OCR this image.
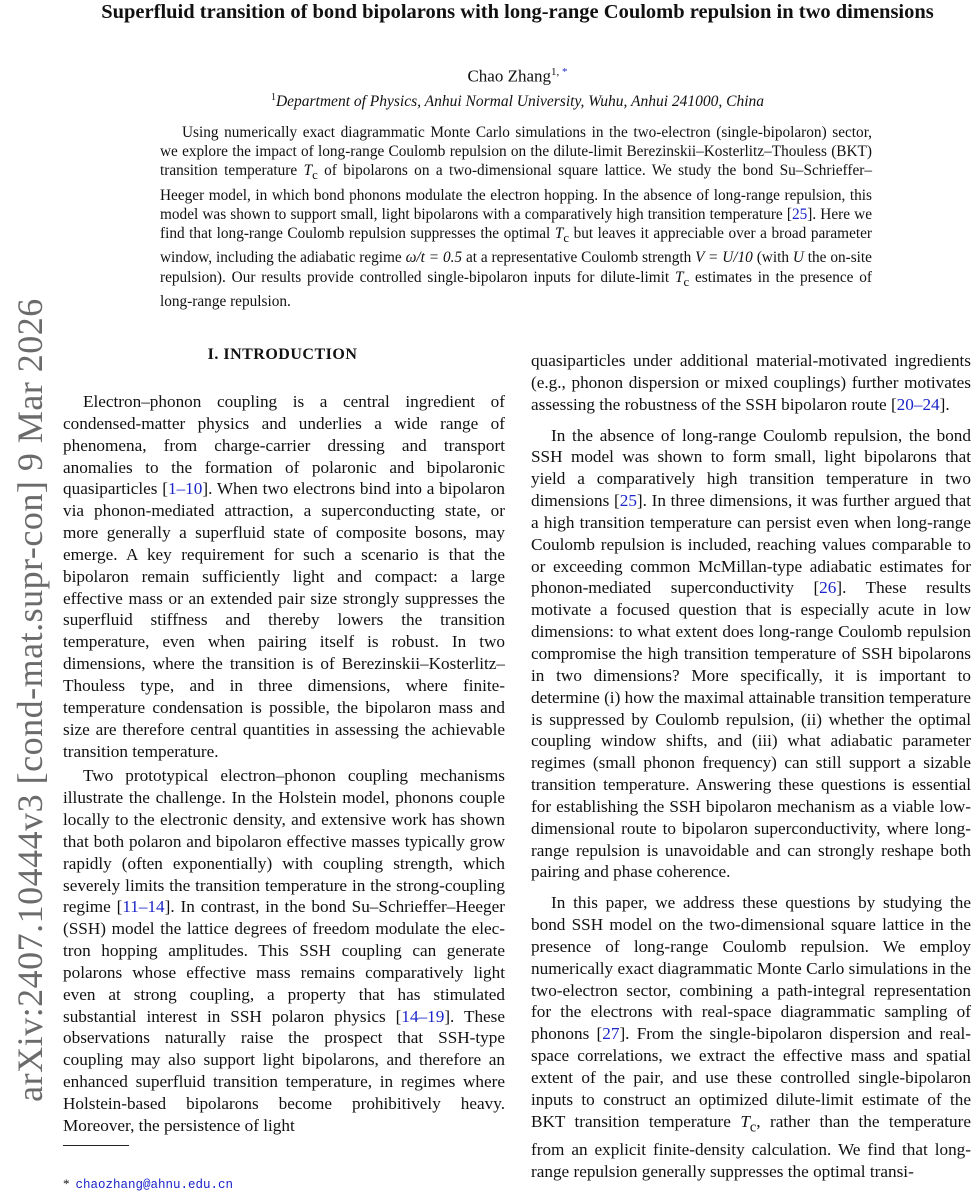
arXiv:2407.10444v3 [cond-mat.supr-con] 9 Mar 2026
Superfluid transition of bond bipolarons with long-range Coulomb repulsion in two dimensions
Chao Zhang$^{1, *}$
$^1$Department of Physics, Anhui Normal University, Wuhu, Anhui 241000, China

Using numerically exact diagrammatic Monte Carlo simulations in the two-electron (single-bipolaron) sector, we explore the impact of long-range Coulomb repulsion on the dilute-limit Berezinskii–Kosterlitz–Thouless (BKT) transition temperature $T_c$ of bipolarons on a two-dimensional square lattice. We study the bond Su–Schrieffer–Heeger model, in which bond phonons modulate the electron hopping. In the absence of long-range repulsion, this model was shown to support small, light bipolarons with a comparatively high transition temperature [25]. Here we find that long-range Coulomb repulsion suppresses the optimal $T_c$ but leaves it appreciable over a broad parameter window, including the adiabatic regime ω/t = 0.5 at a representative Coulomb strength V = U/10 (with U the on-site repulsion). Our results provide controlled single-bipolaron inputs for dilute-limit $T_c$ estimates in the presence of long-range repulsion.

I. INTRODUCTION

Electron–phonon coupling is a central ingredient of condensed-matter physics and underlies a wide range of phenomena, from charge-carrier dressing and transport anomalies to the formation of polaronic and bipolaronic quasiparticles [1–10]. When two electrons bind into a bipolaron via phonon-mediated attraction, a superconducting state, or more generally a superfluid state of composite bosons, may emerge. A key requirement for such a scenario is that the bipolaron remain sufficiently light and compact: a large effective mass or an extended pair size strongly suppresses the superfluid stiffness and thereby lowers the transition temperature, even when pairing itself is robust. In two dimensions, where the transition is of Berezinskii–Kosterlitz–Thouless type, and in three dimensions, where finite-temperature condensation is possible, the bipolaron mass and size are therefore central quantities in assessing the achievable transition temperature.

Two prototypical electron–phonon coupling mechanisms illustrate the challenge. In the Holstein model, phonons couple locally to the electronic density, and extensive work has shown that both polaron and bipolaron effective masses typically grow rapidly (often exponentially) with coupling strength, which severely limits the transition temperature in the strong-coupling regime [11–14]. In contrast, in the bond Su–Schrieffer–Heeger (SSH) model the lattice degrees of freedom modulate the electron hopping amplitudes. This SSH coupling can generate polarons whose effective mass remains comparatively light even at strong coupling, a property that has stimulated substantial interest in SSH polaron physics [14–19]. These observations naturally raise the prospect that SSH-type coupling may also support light bipolarons, and therefore an enhanced superfluid transition temperature, in regimes where Holstein-based bipolarons become prohibitively heavy. Moreover, the persistence of light

quasiparticles under additional material-motivated ingredients (e.g., phonon dispersion or mixed couplings) further motivates assessing the robustness of the SSH bipolaron route [20–24].

In the absence of long-range Coulomb repulsion, the bond SSH model was shown to form small, light bipolarons that yield a comparatively high transition temperature in two dimensions [25]. In three dimensions, it was further argued that a high transition temperature can persist even when long-range Coulomb repulsion is included, reaching values comparable to or exceeding common McMillan-type adiabatic estimates for phonon-mediated superconductivity [26]. These results motivate a focused question that is especially acute in low dimensions: to what extent does long-range Coulomb repulsion compromise the high transition temperature of SSH bipolarons in two dimensions? More specifically, it is important to determine (i) how the maximal attainable transition temperature is suppressed by Coulomb repulsion, (ii) whether the optimal coupling window shifts, and (iii) what adiabatic parameter regimes (small phonon frequency) can still support a sizable transition temperature. Answering these questions is essential for establishing the SSH bipolaron mechanism as a viable low-dimensional route to bipolaron superconductivity, where long-range repulsion is unavoidable and can strongly reshape both pairing and phase coherence.

In this paper, we address these questions by studying the bond SSH model on the two-dimensional square lattice in the presence of long-range Coulomb repulsion. We employ numerically exact diagrammatic Monte Carlo simulations in the two-electron sector, combining a path-integral representation for the electrons with real-space diagrammatic sampling of phonons [27]. From the single-bipolaron dispersion and real-space correlations, we extract the effective mass and spatial extent of the pair, and use these controlled single-bipolaron inputs to construct an optimized dilute-limit estimate of the BKT transition temperature $T_c$, rather than the temperature from an explicit finite-density calculation. We find that long-range repulsion generally suppresses the optimal transi-

* chaozhang@ahnu.edu.cn
